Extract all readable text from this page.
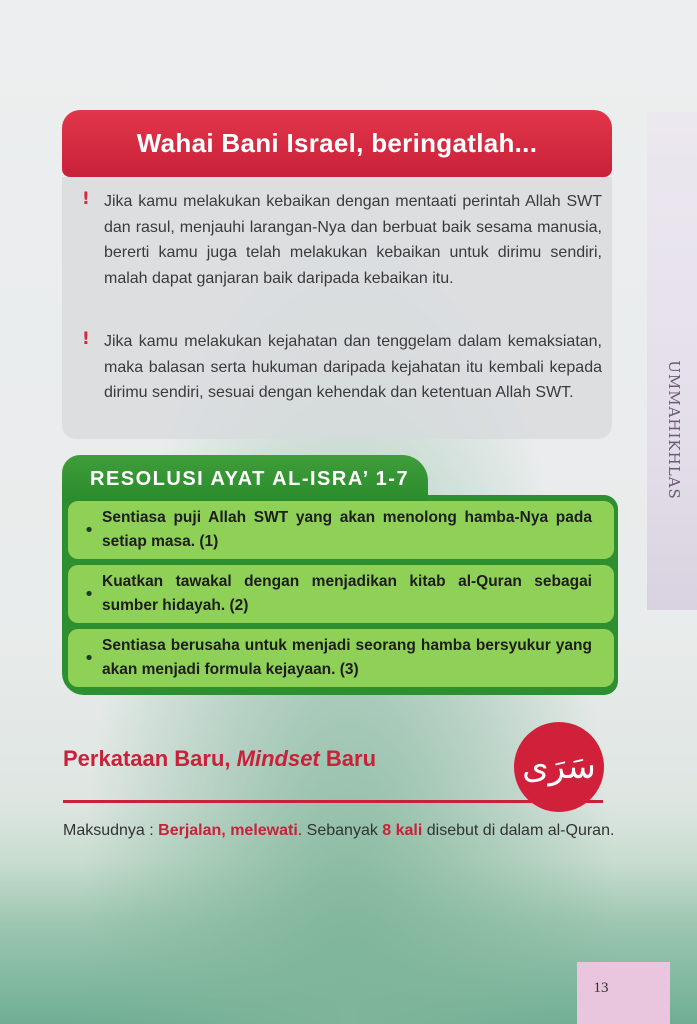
UMMAHIKHLAS
Wahai Bani Israel, beringatlah...
! Jika kamu melakukan kebaikan dengan mentaati perintah Allah SWT dan rasul, menjauhi larangan-Nya dan berbuat baik sesama manusia, bererti kamu juga telah melakukan kebaikan untuk dirimu sendiri, malah dapat ganjaran baik daripada kebaikan itu.
! Jika kamu melakukan kejahatan dan tenggelam dalam kemaksiatan, maka balasan serta hukuman daripada kejahatan itu kembali kepada dirimu sendiri, sesuai dengan kehendak dan ketentuan Allah SWT.
RESOLUSI AYAT AL-ISRA’ 1-7
•
Sentiasa puji Allah SWT yang akan menolong hamba-Nya pada setiap masa. (1)
•
Kuatkan tawakal dengan menjadikan kitab al-Quran sebagai sumber hidayah. (2)
•
Sentiasa berusaha untuk menjadi seorang hamba bersyukur yang akan menjadi formula kejayaan. (3)
Perkataan Baru, Mindset Baru	سَرَى
Maksudnya : Berjalan, melewati. Sebanyak 8 kali disebut di dalam al-Quran.
13
